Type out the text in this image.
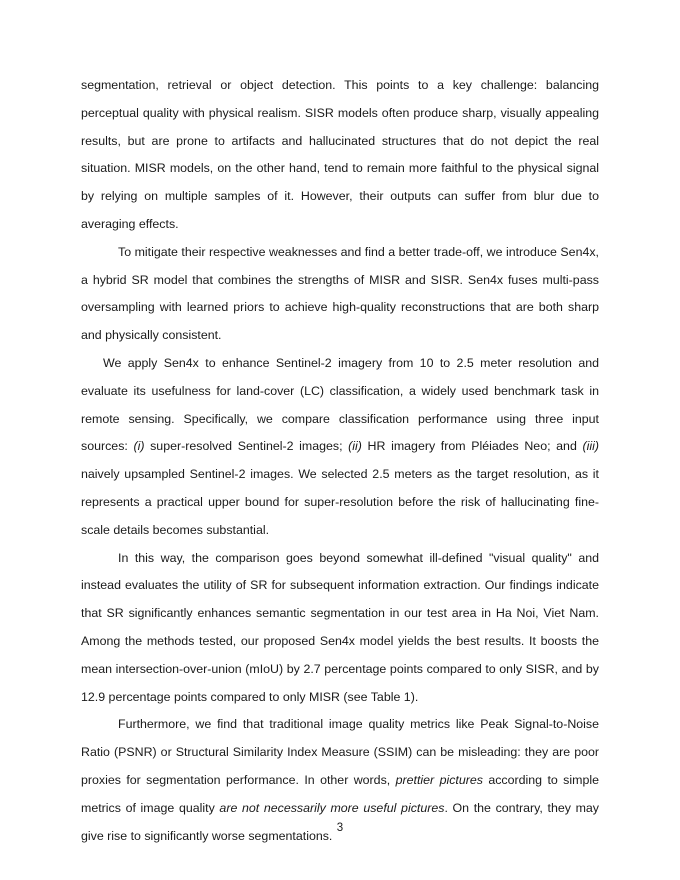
segmentation, retrieval or object detection. This points to a key challenge: balancing perceptual quality with physical realism. SISR models often produce sharp, visually appealing results, but are prone to artifacts and hallucinated structures that do not depict the real situation. MISR models, on the other hand, tend to remain more faithful to the physical signal by relying on multiple samples of it. However, their outputs can suffer from blur due to averaging effects.

To mitigate their respective weaknesses and find a better trade-off, we introduce Sen4x, a hybrid SR model that combines the strengths of MISR and SISR. Sen4x fuses multi-pass oversampling with learned priors to achieve high-quality reconstructions that are both sharp and physically consistent.

We apply Sen4x to enhance Sentinel-2 imagery from 10 to 2.5 meter resolution and evaluate its usefulness for land-cover (LC) classification, a widely used benchmark task in remote sensing. Specifically, we compare classification performance using three input sources: (i) super-resolved Sentinel-2 images; (ii) HR imagery from Pléiades Neo; and (iii) naively upsampled Sentinel-2 images. We selected 2.5 meters as the target resolution, as it represents a practical upper bound for super-resolution before the risk of hallucinating fine-scale details becomes substantial.

In this way, the comparison goes beyond somewhat ill-defined "visual quality" and instead evaluates the utility of SR for subsequent information extraction. Our findings indicate that SR significantly enhances semantic segmentation in our test area in Ha Noi, Viet Nam. Among the methods tested, our proposed Sen4x model yields the best results. It boosts the mean intersection-over-union (mIoU) by 2.7 percentage points compared to only SISR, and by 12.9 percentage points compared to only MISR (see Table 1).

Furthermore, we find that traditional image quality metrics like Peak Signal-to-Noise Ratio (PSNR) or Structural Similarity Index Measure (SSIM) can be misleading: they are poor proxies for segmentation performance. In other words, prettier pictures according to simple metrics of image quality are not necessarily more useful pictures. On the contrary, they may give rise to significantly worse segmentations.

3
